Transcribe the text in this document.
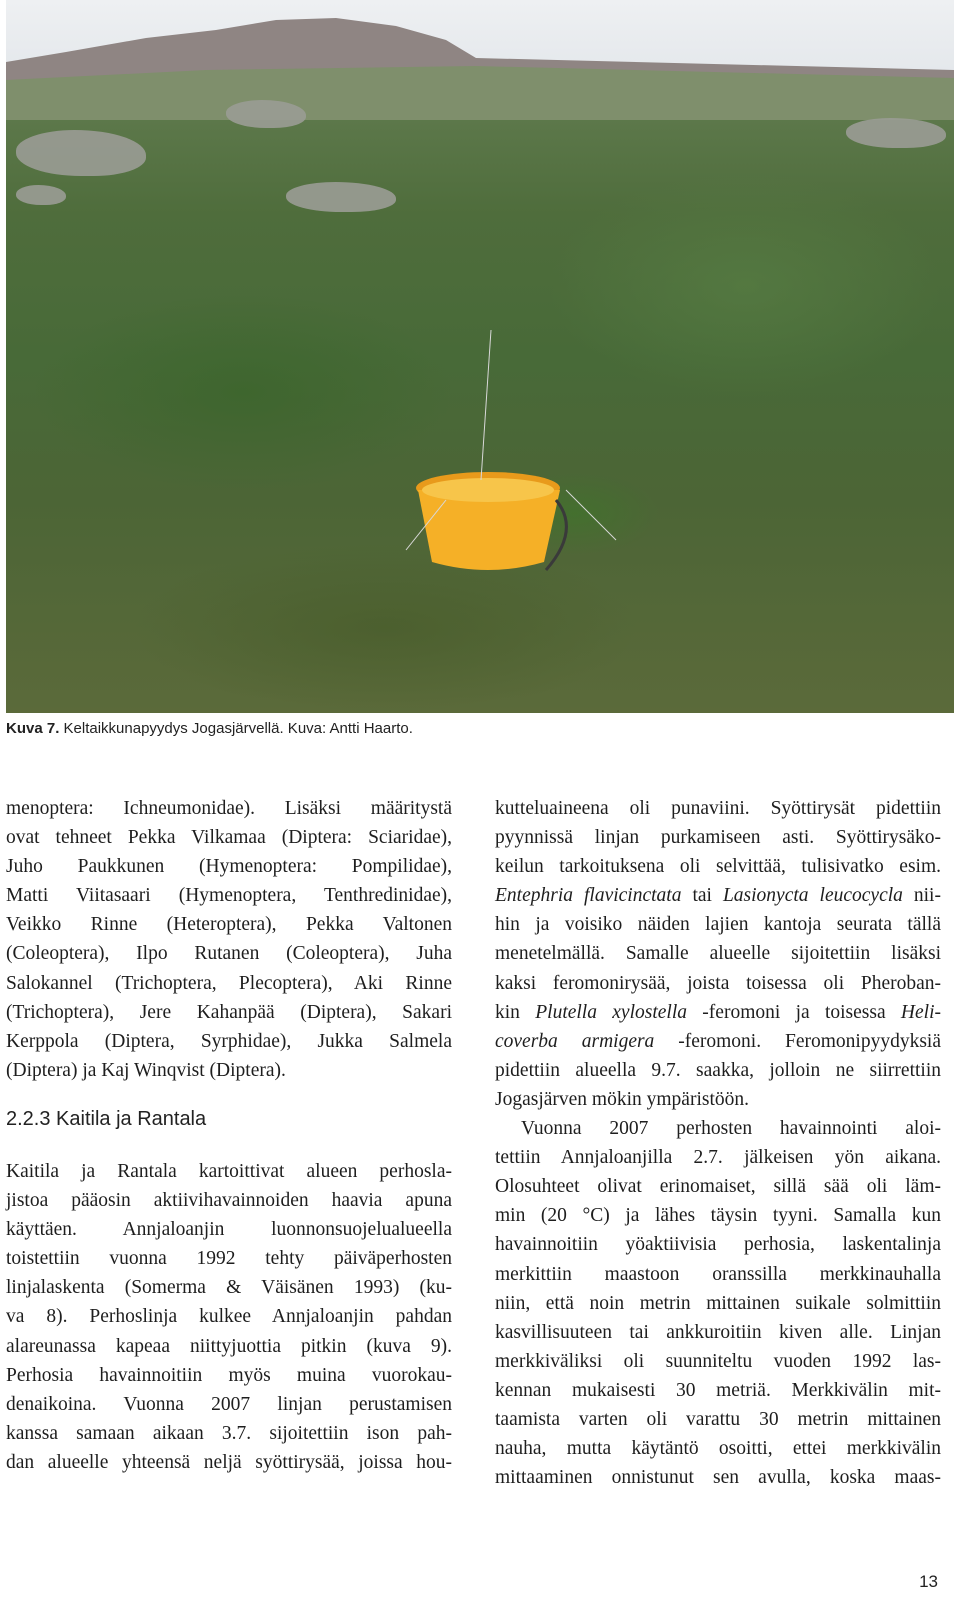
Kuva 7. Keltaikkunapyydys Jogasjärvellä. Kuva: Antti Haarto.

menoptera: Ichneumonidae). Lisäksi määritystä
ovat tehneet Pekka Vilkamaa (Diptera: Sciaridae),
Juho Paukkunen (Hymenoptera: Pompilidae),
Matti Viitasaari (Hymenoptera, Tenthredinidae),
Veikko Rinne (Heteroptera), Pekka Valtonen
(Coleoptera), Ilpo Rutanen (Coleoptera), Juha
Salokannel (Trichoptera, Plecoptera), Aki Rinne
(Trichoptera), Jere Kahanpää (Diptera), Sakari
Kerppola (Diptera, Syrphidae), Jukka Salmela
(Diptera) ja Kaj Winqvist (Diptera).

2.2.3 Kaitila ja Rantala

Kaitila ja Rantala kartoittivat alueen perhosla-
jistoa pääosin aktiivihavainnoiden haavia apuna
käyttäen. Annjaloanjin luonnonsuojelualueella
toistettiin vuonna 1992 tehty päiväperhosten
linjalaskenta (Somerma & Väisänen 1993) (ku-
va 8). Perhoslinja kulkee Annjaloanjin pahdan
alareunassa kapeaa niittyjuottia pitkin (kuva 9).
Perhosia havainnoitiin myös muina vuorokau-
denaikoina. Vuonna 2007 linjan perustamisen
kanssa samaan aikaan 3.7. sijoitettiin ison pah-
dan alueelle yhteensä neljä syöttirysää, joissa hou-

kutteluaineena oli punaviini. Syöttirysät pidettiin
pyynnissä linjan purkamiseen asti. Syöttirysäko-
keilun tarkoituksena oli selvittää, tulisivatko esim.
Entephria flavicinctata tai Lasionycta leucocycla nii-
hin ja voisiko näiden lajien kantoja seurata tällä
menetelmällä. Samalle alueelle sijoitettiin lisäksi
kaksi feromonirysää, joista toisessa oli Pheroban-
kin Plutella xylostella -feromoni ja toisessa Heli-
coverba armigera -feromoni. Feromonipyydyksiä
pidettiin alueella 9.7. saakka, jolloin ne siirrettiin
Jogasjärven mökin ympäristöön.

Vuonna 2007 perhosten havainnointi aloi-
tettiin Annjaloanjilla 2.7. jälkeisen yön aikana.
Olosuhteet olivat erinomaiset, sillä sää oli läm-
min (20 °C) ja lähes täysin tyyni. Samalla kun
havainnoitiin yöaktiivisia perhosia, laskentalinja
merkittiin maastoon oranssilla merkkinauhalla
niin, että noin metrin mittainen suikale solmittiin
kasvillisuuteen tai ankkuroitiin kiven alle. Linjan
merkkiväliksi oli suunniteltu vuoden 1992 las-
kennan mukaisesti 30 metriä. Merkkivälin mit-
taamista varten oli varattu 30 metrin mittainen
nauha, mutta käytäntö osoitti, ettei merkkivälin
mittaaminen onnistunut sen avulla, koska maas-

13
